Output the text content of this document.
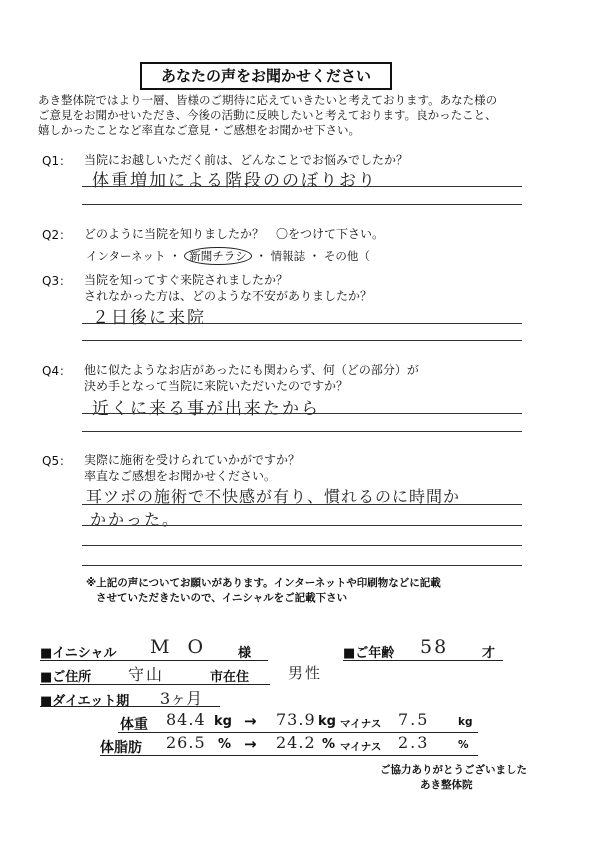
あなたの声をお聞かせください
あき整体院ではより一層、皆様のご期待に応えていきたいと考えております。あなた様の
ご意見をお聞かせいただき、今後の活動に反映したいと考えております。良かったこと、
嬉しかったことなど率直なご意見・ご感想をお聞かせ下さい。
Q1： 当院にお越しいただく前は、どんなことでお悩みでしたか？
体重増加による階段ののぼりおり
Q2： どのように当院を知りましたか？　〇をつけて下さい。
インターネット ・ 新聞チラシ ・ 情報誌 ・ その他（
Q3： 当院を知ってすぐ来院されましたか？
されなかった方は、どのような不安がありましたか？
２日後に来院
Q4： 他に似たようなお店があったにも関わらず、何（どの部分）が
決め手となって当院に来院いただいたのですか？
近くに来る事が出来たから
Q5： 実際に施術を受けられていかがですか？
率直なご感想をお聞かせください。
耳ツボの施術で不快感が有り、慣れるのに時間か
かかった。
※上記の声についてお願いがあります。インターネットや印刷物などに記載
させていただきたいので、イニシャルをご記載下さい
■イニシャル M O 様	■ご年齢 58	才
■ご住所 守山	市在住	男性
■ダイエット期 3ヶ月
体重 84.4 kg → 73.9 kg マイナス 7.5	kg
体脂肪 26.5 % → 24.2 % マイナス 2.3	%
ご協力ありがとうございました
あき整体院
